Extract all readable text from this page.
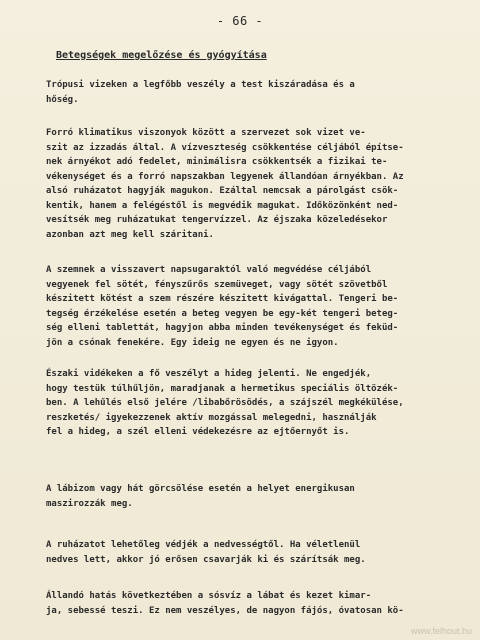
- 66 -
Betegségek megelőzése és gyógyítása
Trópusi vizeken a legfőbb veszély a test kiszáradása és a
hőség.
Forró klimatikus viszonyok között a szervezet sok vizet ve-
szit az izzadás által. A vízveszteség csökkentése céljából építse-
nek árnyékot adó fedelet, minimálisra csökkentsék a fizikai te-
vékenységet és a forró napszakban legyenek állandóan árnyékban. Az
alsó ruházatot hagyják magukon. Ezáltal nemcsak a párolgást csök-
kentik, hanem a felégéstől is megvédik magukat. Időközönként ned-
vesítsék meg ruházatukat tengervízzel. Az éjszaka közeledésekor
azonban azt meg kell száritani.
A szemnek a visszavert napsugaraktól való megvédése céljából
vegyenek fel sötét, fényszűrős szemüveget, vagy sötét szövetből
készitett kötést a szem részére készitett kivágattal. Tengeri be-
tegség érzékelése esetén a beteg vegyen be egy-két tengeri beteg-
ség elleni tablettát, hagyjon abba minden tevékenységet és feküd-
jön a csónak fenekére. Egy ideig ne egyen és ne igyon.
Északi vidékeken a fő veszélyt a hideg jelenti. Ne engedjék,
hogy testük túlhűljön, maradjanak a hermetikus speciális öltözék-
ben. A lehűlés első jelére /libabőrösödés, a szájszél megkékülése,
reszketés/ igyekezzenek aktív mozgással melegedni, használják
fel a hideg, a szél elleni védekezésre az ejtőernyőt is.
A lábizom vagy hát görcsölése esetén a helyet energikusan
maszirozzák meg.
A ruházatot lehetőleg védjék a nedvességtől. Ha véletlenül
nedves lett, akkor jó erősen csavarják ki és szárítsák meg.
Állandó hatás következtében a sósvíz a lábat és kezet kimar-
ja, sebessé teszi. Ez nem veszélyes, de nagyon fájós, óvatosan kö-
www.felhout.hu
